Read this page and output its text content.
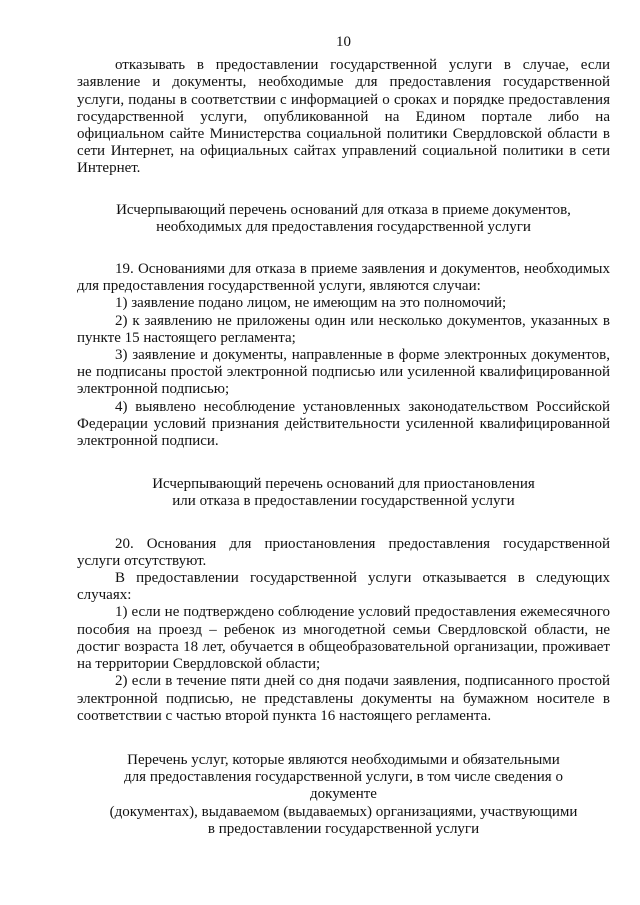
10

отказывать в предоставлении государственной услуги в случае, если заявление и документы, необходимые для предоставления государственной услуги, поданы в соответствии с информацией о сроках и порядке предоставления государственной услуги, опубликованной на Едином портале либо на официальном сайте Министерства социальной политики Свердловской области в сети Интернет, на официальных сайтах управлений социальной политики в сети Интернет.

Исчерпывающий перечень оснований для отказа в приеме документов,
необходимых для предоставления государственной услуги

19. Основаниями для отказа в приеме заявления и документов, необходимых для предоставления государственной услуги, являются случаи:

1) заявление подано лицом, не имеющим на это полномочий;

2) к заявлению не приложены один или несколько документов, указанных в пункте 15 настоящего регламента;

3) заявление и документы, направленные в форме электронных документов, не подписаны простой электронной подписью или усиленной квалифицированной электронной подписью;

4) выявлено несоблюдение установленных законодательством Российской Федерации условий признания действительности усиленной квалифицированной электронной подписи.

Исчерпывающий перечень оснований для приостановления
или отказа в предоставлении государственной услуги

20. Основания для приостановления предоставления государственной услуги отсутствуют.

В предоставлении государственной услуги отказывается в следующих случаях:

1) если не подтверждено соблюдение условий предоставления ежемесячного пособия на проезд – ребенок из многодетной семьи Свердловской области, не достиг возраста 18 лет, обучается в общеобразовательной организации, проживает на территории Свердловской области;

2) если в течение пяти дней со дня подачи заявления, подписанного простой электронной подписью, не представлены документы на бумажном носителе в соответствии с частью второй пункта 16 настоящего регламента.

Перечень услуг, которые являются необходимыми и обязательными
для предоставления государственной услуги, в том числе сведения о документе
(документах), выдаваемом (выдаваемых) организациями, участвующими
в предоставлении государственной услуги
